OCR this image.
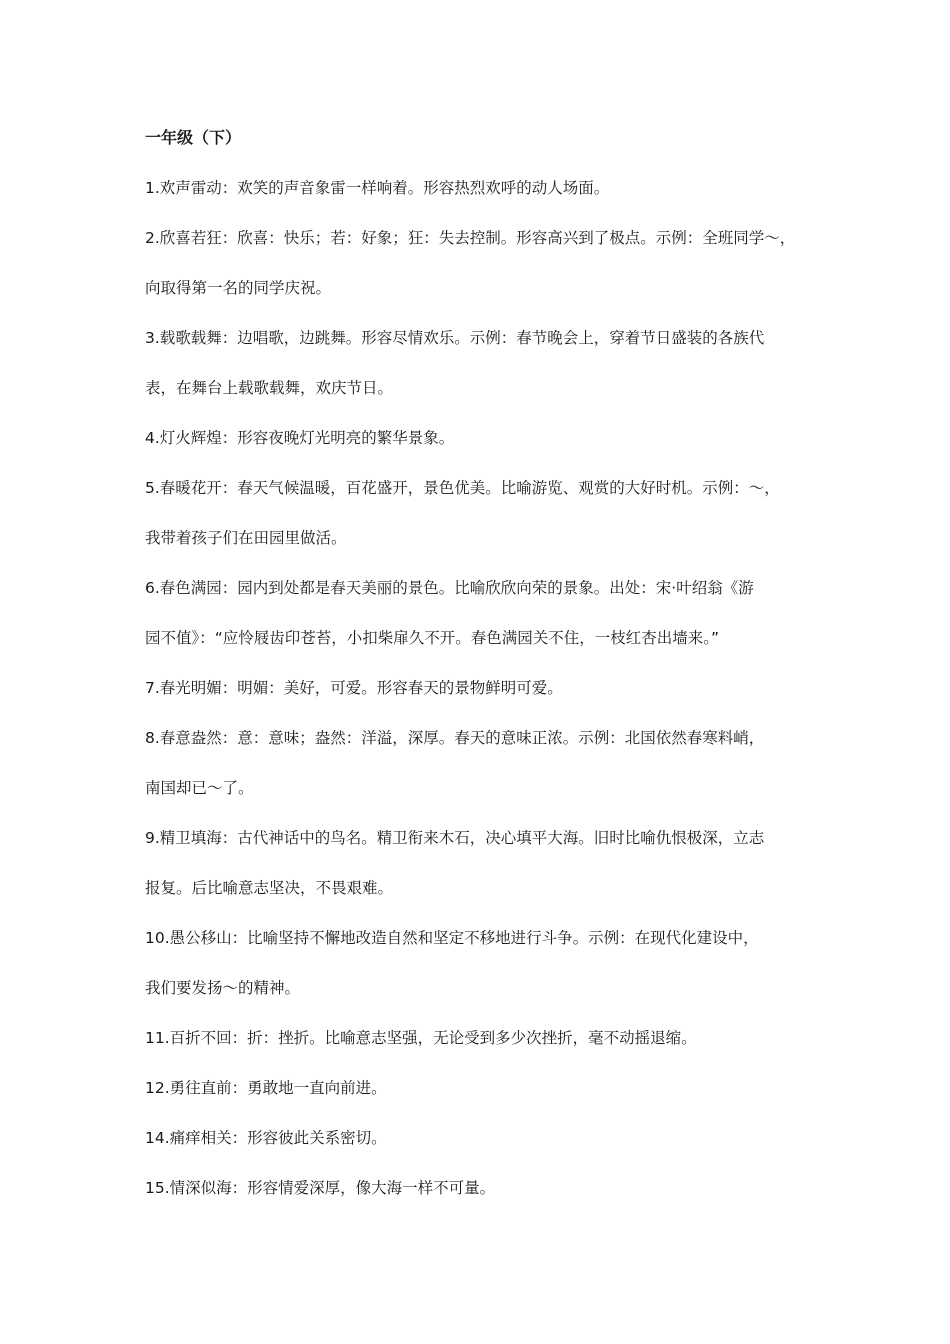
一年级（下）
1.欢声雷动：欢笑的声音象雷一样响着。形容热烈欢呼的动人场面。
2.欣喜若狂：欣喜：快乐；若：好象；狂：失去控制。形容高兴到了极点。示例：全班同学～，
向取得第一名的同学庆祝。
3.载歌载舞：边唱歌，边跳舞。形容尽情欢乐。示例：春节晚会上，穿着节日盛装的各族代
表，在舞台上载歌载舞，欢庆节日。
4.灯火辉煌：形容夜晚灯光明亮的繁华景象。
5.春暖花开：春天气候温暖，百花盛开，景色优美。比喻游览、观赏的大好时机。示例：～，
我带着孩子们在田园里做活。
6.春色满园：园内到处都是春天美丽的景色。比喻欣欣向荣的景象。出处：宋·叶绍翁《游
园不值》：“应怜屐齿印苍苔，小扣柴扉久不开。春色满园关不住，一枝红杏出墙来。”
7.春光明媚：明媚：美好，可爱。形容春天的景物鲜明可爱。
8.春意盎然：意：意味；盎然：洋溢，深厚。春天的意味正浓。示例：北国依然春寒料峭，
南国却已～了。
9.精卫填海：古代神话中的鸟名。精卫衔来木石，决心填平大海。旧时比喻仇恨极深，立志
报复。后比喻意志坚决，不畏艰难。
10.愚公移山：比喻坚持不懈地改造自然和坚定不移地进行斗争。示例：在现代化建设中，
我们要发扬～的精神。
11.百折不回：折：挫折。比喻意志坚强，无论受到多少次挫折，毫不动摇退缩。
12.勇往直前：勇敢地一直向前进。
14.痛痒相关：形容彼此关系密切。
15.情深似海：形容情爱深厚，像大海一样不可量。
